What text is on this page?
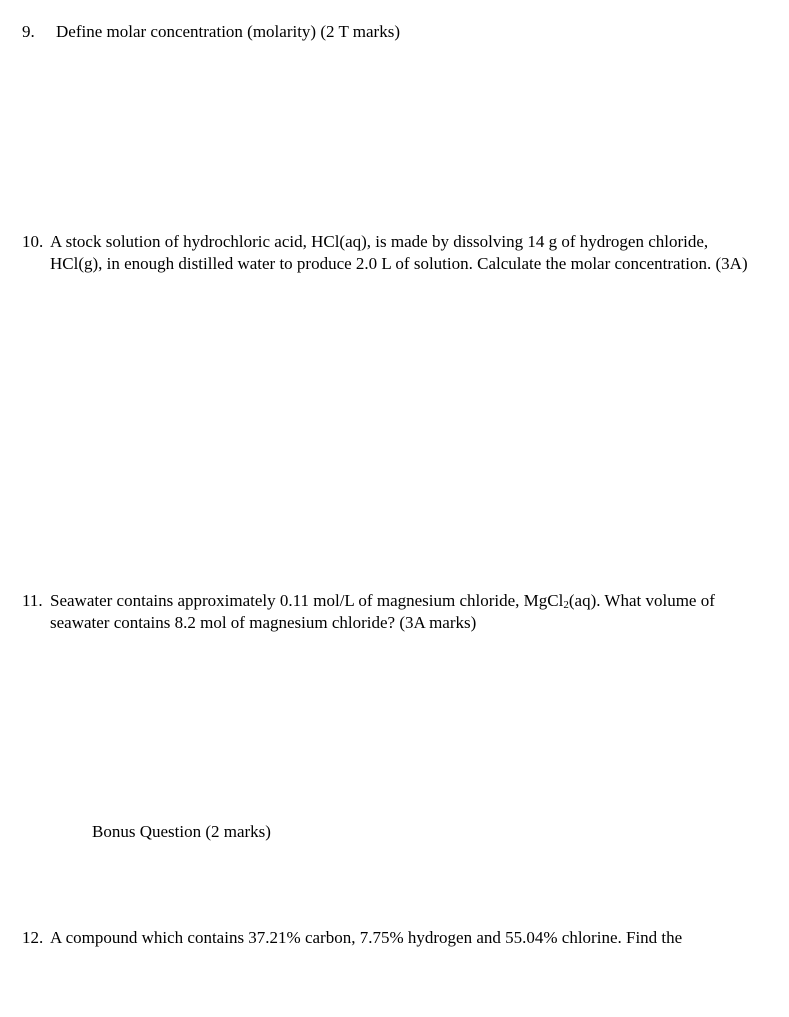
9. Define molar concentration (molarity) (2 T marks)
10. A stock solution of hydrochloric acid, HCl(aq), is made by dissolving 14 g of hydrogen chloride, HCl(g), in enough distilled water to produce 2.0 L of solution. Calculate the molar concentration. (3A)
11. Seawater contains approximately 0.11 mol/L of magnesium chloride, MgCl$_2$(aq). What volume of seawater contains 8.2 mol of magnesium chloride? (3A marks)
Bonus Question (2 marks)
12. A compound which contains 37.21% carbon, 7.75% hydrogen and 55.04% chlorine. Find the
